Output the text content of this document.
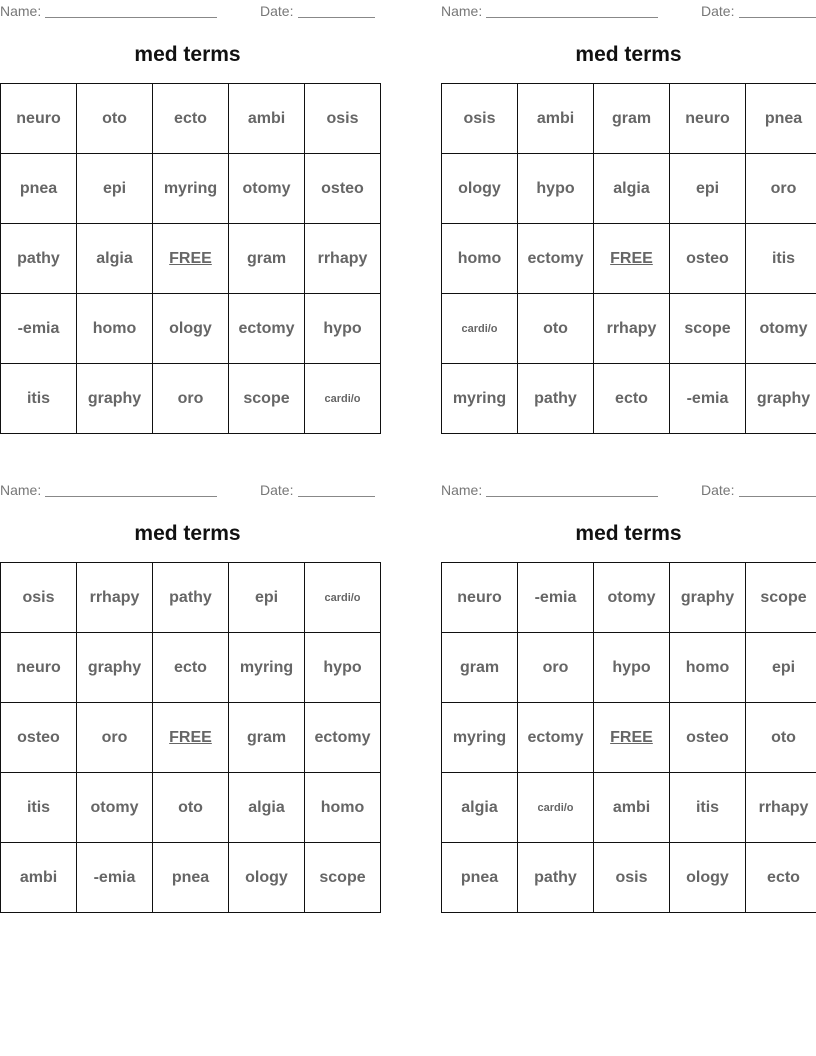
Name:	Date:
med terms
neuro	oto	ecto	ambi	osis
pnea	epi	myring	otomy	osteo
pathy	algia	FREE	gram	rrhapy
-emia	homo	ology	ectomy	hypo
itis	graphy	oro	scope	cardi/o
Name:	Date:
med terms
osis	ambi	gram	neuro	pnea
ology	hypo	algia	epi	oro
homo	ectomy	FREE	osteo	itis
cardi/o	oto	rrhapy	scope	otomy
myring	pathy	ecto	-emia	graphy
Name:	Date:
med terms
osis	rrhapy	pathy	epi	cardi/o
neuro	graphy	ecto	myring	hypo
osteo	oro	FREE	gram	ectomy
itis	otomy	oto	algia	homo
ambi	-emia	pnea	ology	scope
Name:	Date:
med terms
neuro	-emia	otomy	graphy	scope
gram	oro	hypo	homo	epi
myring	ectomy	FREE	osteo	oto
algia	cardi/o	ambi	itis	rrhapy
pnea	pathy	osis	ology	ecto
